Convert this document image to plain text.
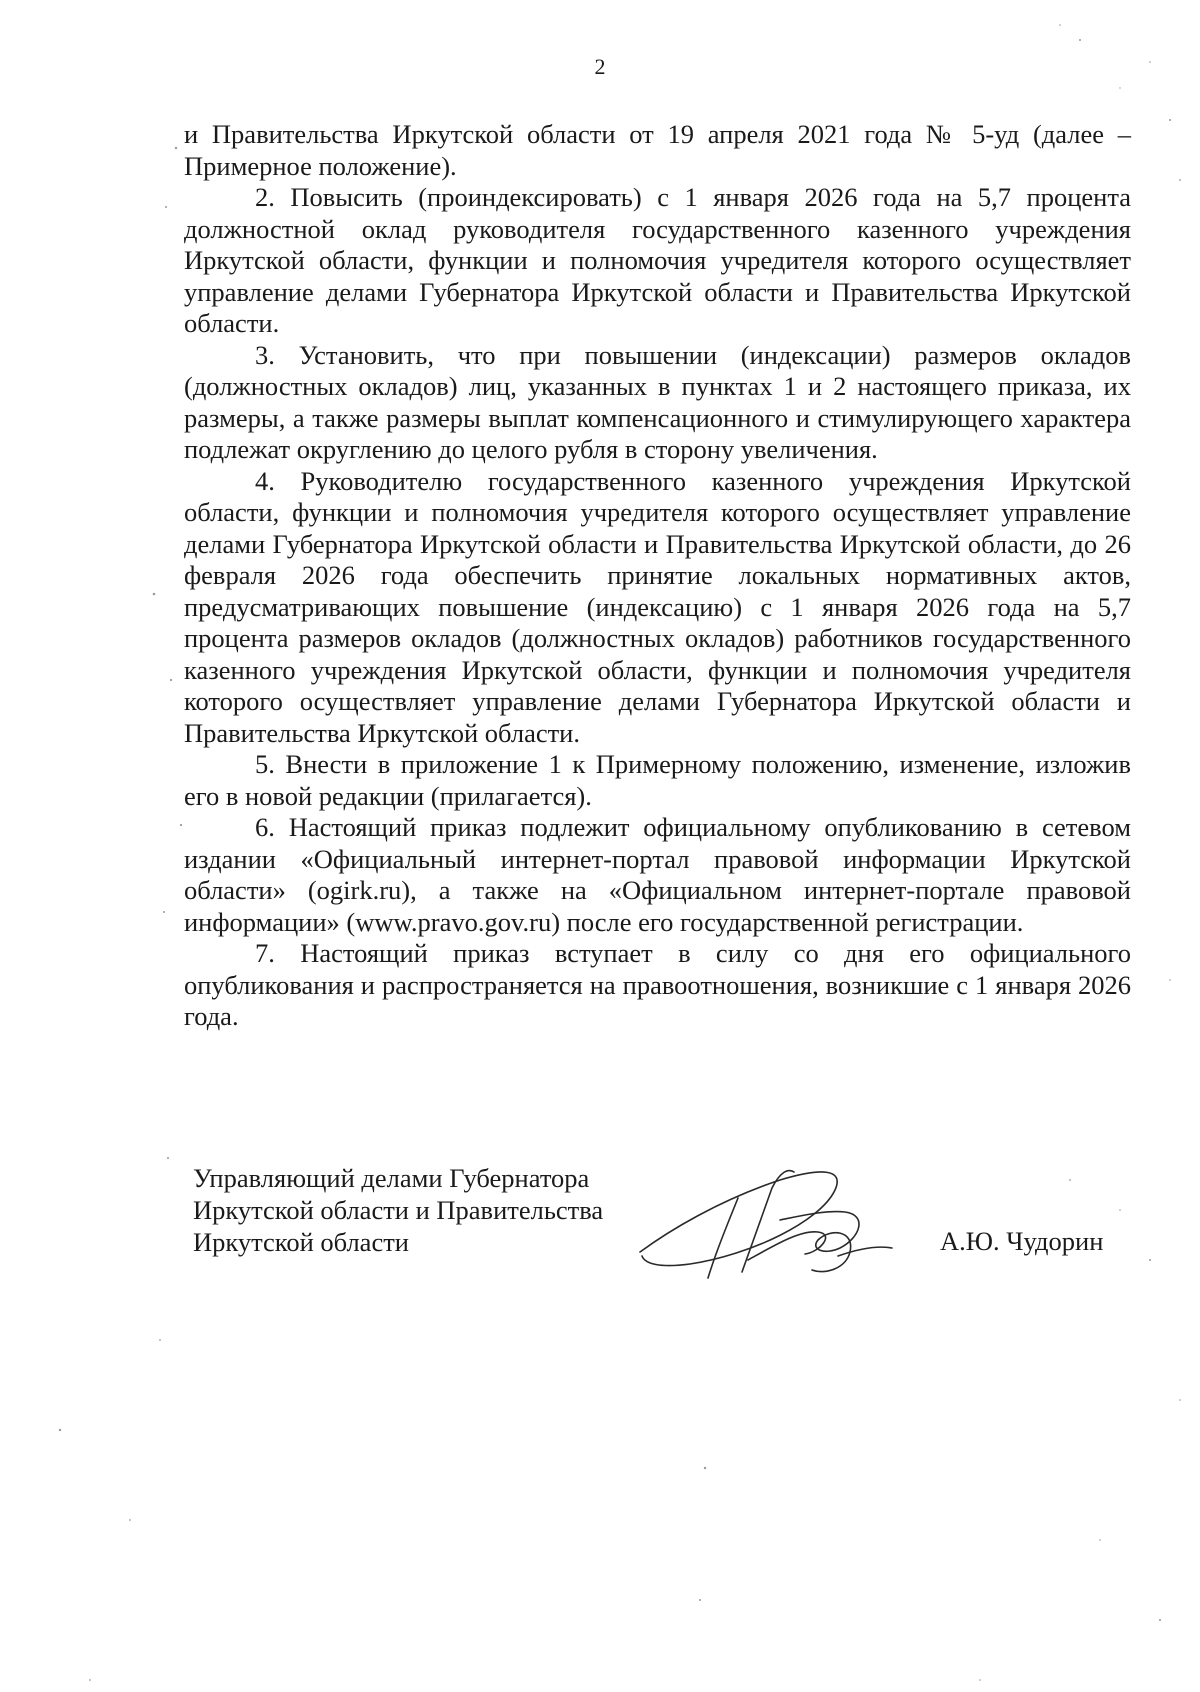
2

и Правительства Иркутской области от 19 апреля 2021 года № 5-уд (далее – Примерное положение).

2. Повысить (проиндексировать) с 1 января 2026 года на 5,7 процента должностной оклад руководителя государственного казенного учреждения Иркутской области, функции и полномочия учредителя которого осуществляет управление делами Губернатора Иркутской области и Правительства Иркутской области.

3. Установить, что при повышении (индексации) размеров окладов (должностных окладов) лиц, указанных в пунктах 1 и 2 настоящего приказа, их размеры, а также размеры выплат компенсационного и стимулирующего характера подлежат округлению до целого рубля в сторону увеличения.

4. Руководителю государственного казенного учреждения Иркутской области, функции и полномочия учредителя которого осуществляет управление делами Губернатора Иркутской области и Правительства Иркутской области, до 26 февраля 2026 года обеспечить принятие локальных нормативных актов, предусматривающих повышение (индексацию) с 1 января 2026 года на 5,7 процента размеров окладов (должностных окладов) работников государственного казенного учреждения Иркутской области, функции и полномочия учредителя которого осуществляет управление делами Губернатора Иркутской области и Правительства Иркутской области.

5. Внести в приложение 1 к Примерному положению, изменение, изложив его в новой редакции (прилагается).

6. Настоящий приказ подлежит официальному опубликованию в сетевом издании «Официальный интернет-портал правовой информации Иркутской области» (ogirk.ru), а также на «Официальном интернет-портале правовой информации» (www.pravo.gov.ru) после его государственной регистрации.

7. Настоящий приказ вступает в силу со дня его официального опубликования и распространяется на правоотношения, возникшие с 1 января 2026 года.

Управляющий делами Губернатора
Иркутской области и Правительства
Иркутской области	А.Ю. Чудорин
